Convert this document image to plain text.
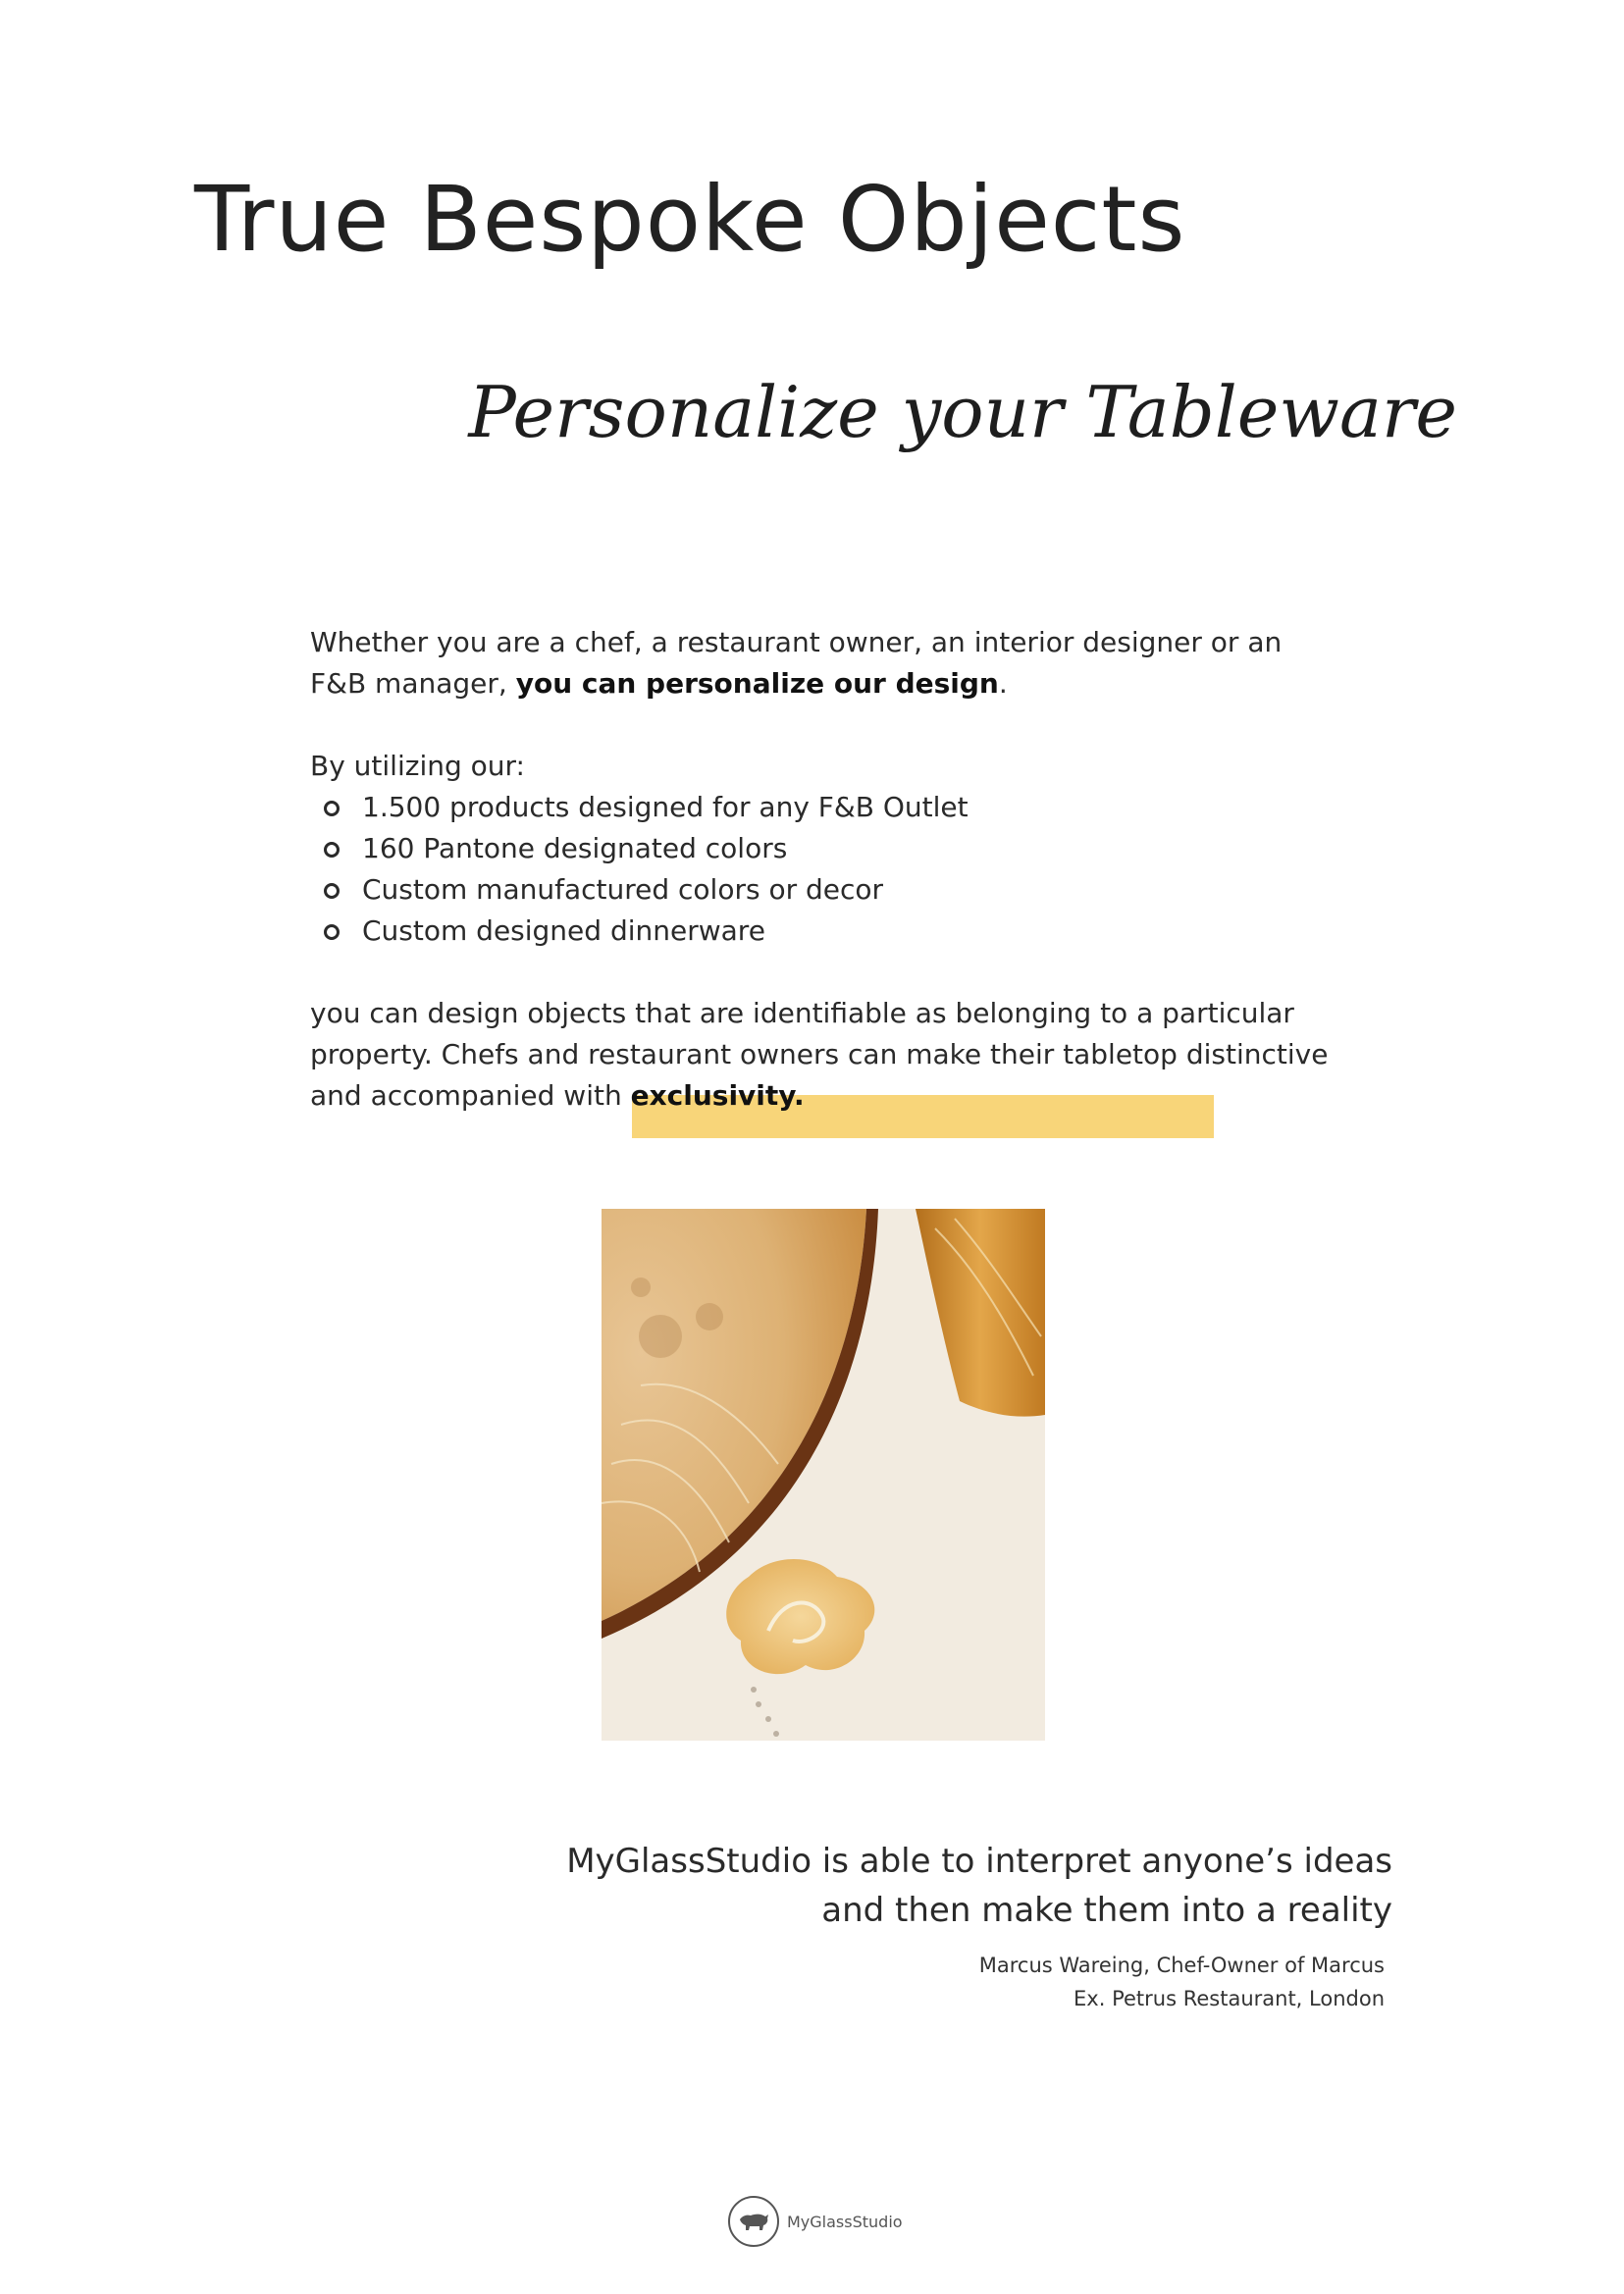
True Bespoke Objects
Personalize your Tableware

Whether you are a chef, a restaurant owner, an interior designer or an F&B manager, you can personalize our design.

By utilizing our:

1.500 products designed for any F&B Outlet
160 Pantone designated colors
Custom manufactured colors or decor
Custom designed dinnerware

you can design objects that are identifiable as belonging to a particular property. Chefs and restaurant owners can make their tabletop distinctive and accompanied with exclusivity.

MyGlassStudio is able to interpret anyone’s ideas
and then make them into a reality
Marcus Wareing, Chef-Owner of Marcus
Ex. Petrus Restaurant, London
MyGlassStudio
